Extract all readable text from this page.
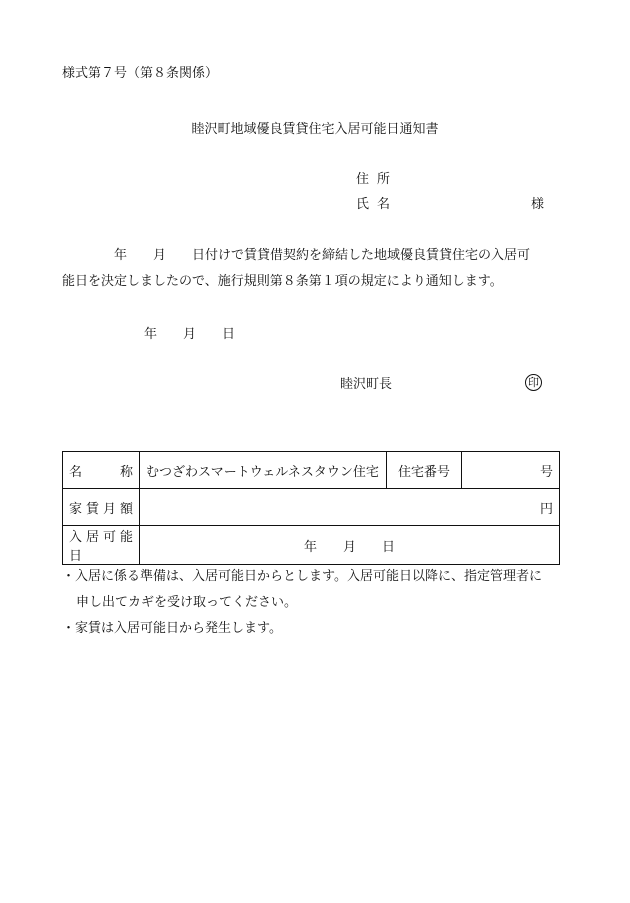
様式第７号（第８条関係）
睦沢町地域優良賃貸住宅入居可能日通知書
住所
氏名	様
　　　　年　　月　　日付けで賃貸借契約を締結した地域優良賃貸住宅の入居可
能日を決定しましたので、施行規則第８条第１項の規定により通知します。
年　　月　　日
睦沢町長	印
名称	むつざわスマートウェルネスタウン住宅	住宅番号	号
家賃月額	円		
入居可能日	年　　月　　日		
・入居に係る準備は、入居可能日からとします。入居可能日以降に、指定管理者に
申し出てカギを受け取ってください。
・家賃は入居可能日から発生します。
